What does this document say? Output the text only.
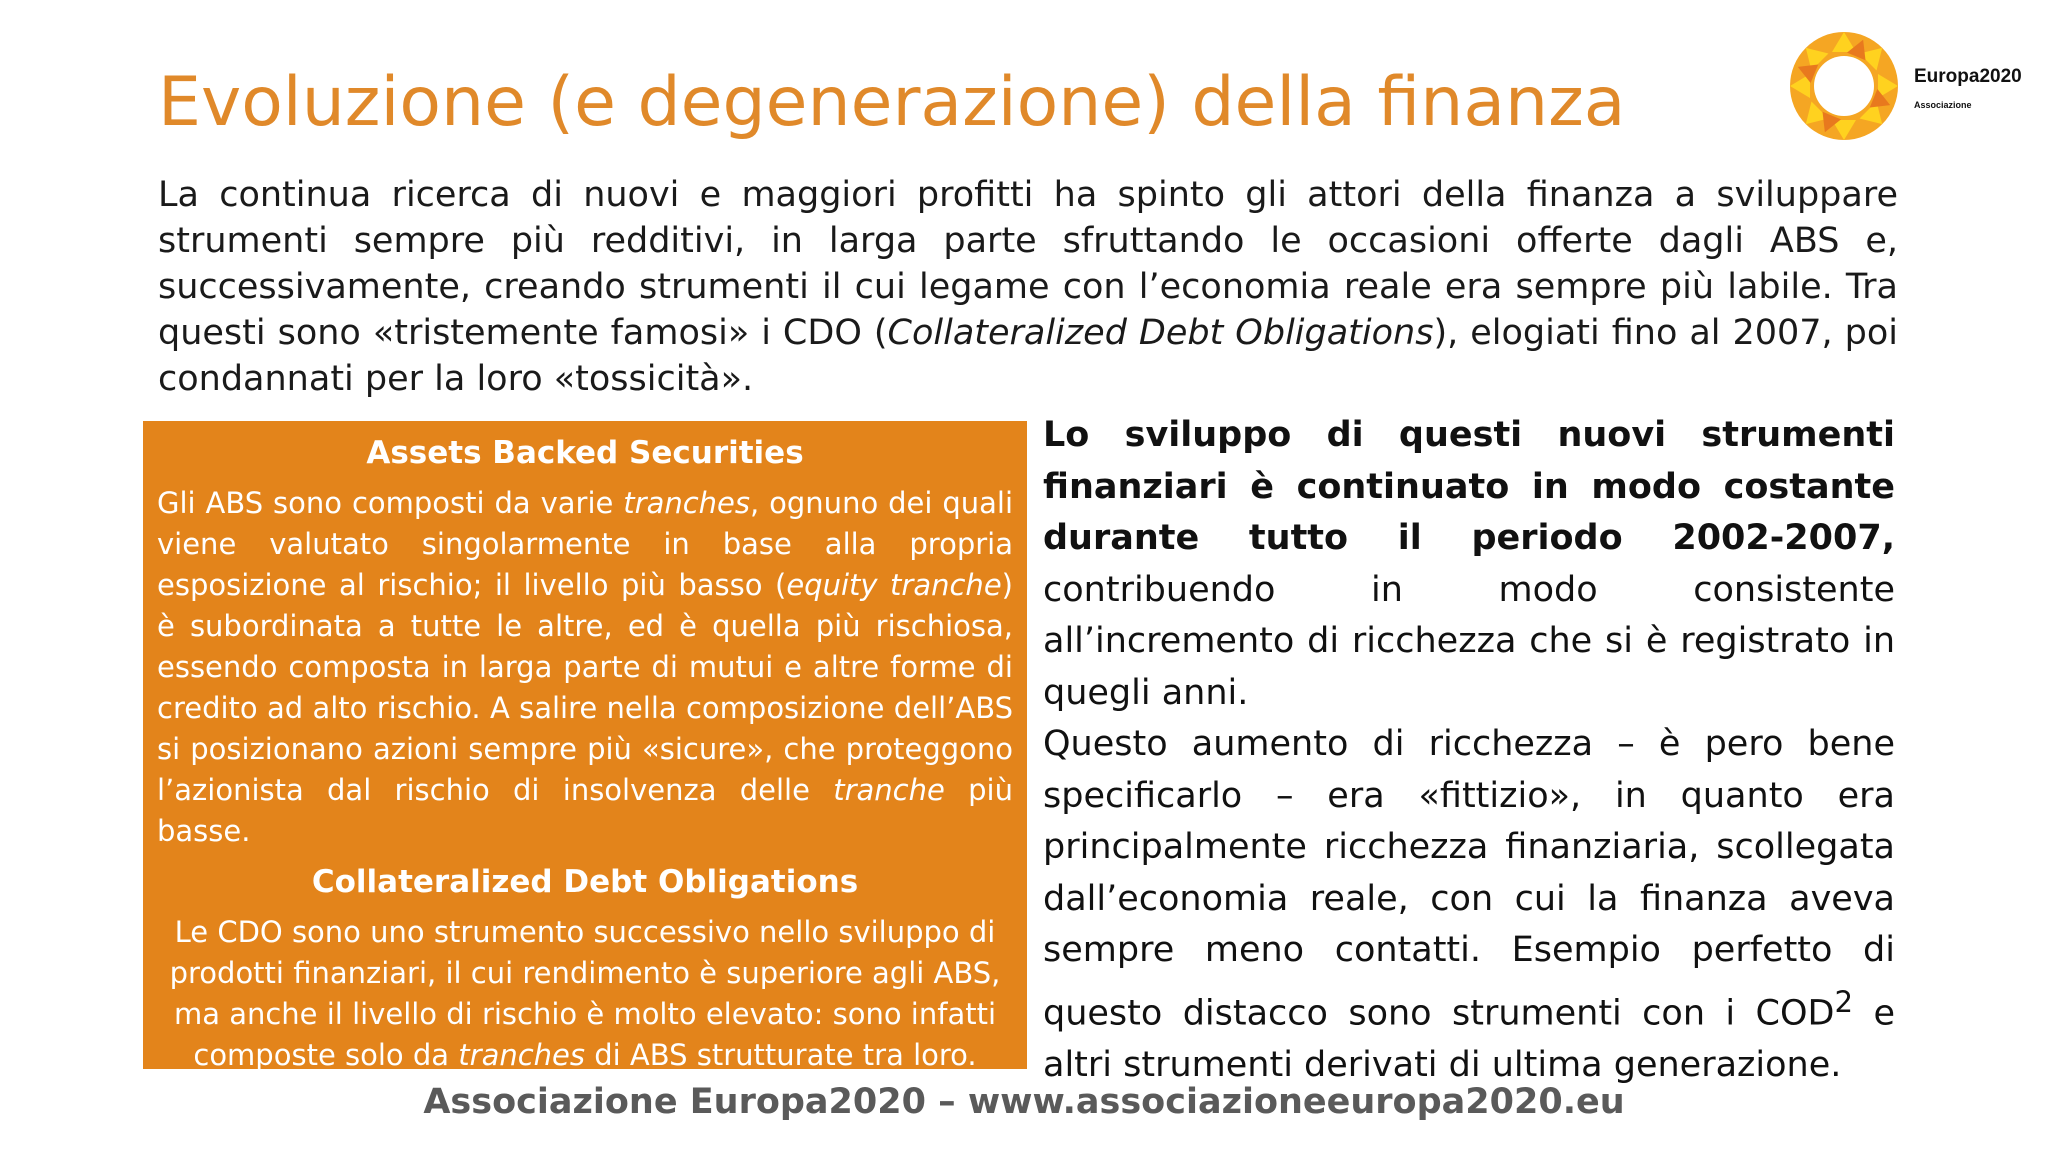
Evoluzione (e degenerazione) della finanza	Europa2020
Associazione
La continua ricerca di nuovi e maggiori profitti ha spinto gli attori della finanza a sviluppare strumenti sempre più redditivi, in larga parte sfruttando le occasioni offerte dagli ABS e, successivamente, creando strumenti il cui legame con l’economia reale era sempre più labile. Tra questi sono «tristemente famosi» i CDO (Collateralized Debt Obligations), elogiati fino al 2007, poi condannati per la loro «tossicità».
Assets Backed Securities

Gli ABS sono composti da varie tranches, ognuno dei quali viene valutato singolarmente in base alla propria esposizione al rischio; il livello più basso (equity tranche) è subordinata a tutte le altre, ed è quella più rischiosa, essendo composta in larga parte di mutui e altre forme di credito ad alto rischio. A salire nella composizione dell’ABS si posizionano azioni sempre più «sicure», che proteggono l’azionista dal rischio di insolvenza delle tranche più basse.

Collateralized Debt Obligations

Le CDO sono uno strumento successivo nello sviluppo di prodotti finanziari, il cui rendimento è superiore agli ABS, ma anche il livello di rischio è molto elevato: sono infatti composte solo da tranches di ABS strutturate tra loro.

Lo sviluppo di questi nuovi strumenti finanziari è continuato in modo costante durante tutto il periodo 2002-2007, contribuendo in modo consistente all’incremento di ricchezza che si è registrato in quegli anni.

Questo aumento di ricchezza – è pero bene specificarlo – era «fittizio», in quanto era principalmente ricchezza finanziaria, scollegata dall’economia reale, con cui la finanza aveva sempre meno contatti. Esempio perfetto di questo distacco sono strumenti con i COD$^2$ e altri strumenti derivati di ultima generazione.

Associazione Europa2020 – www.associazioneeuropa2020.eu
